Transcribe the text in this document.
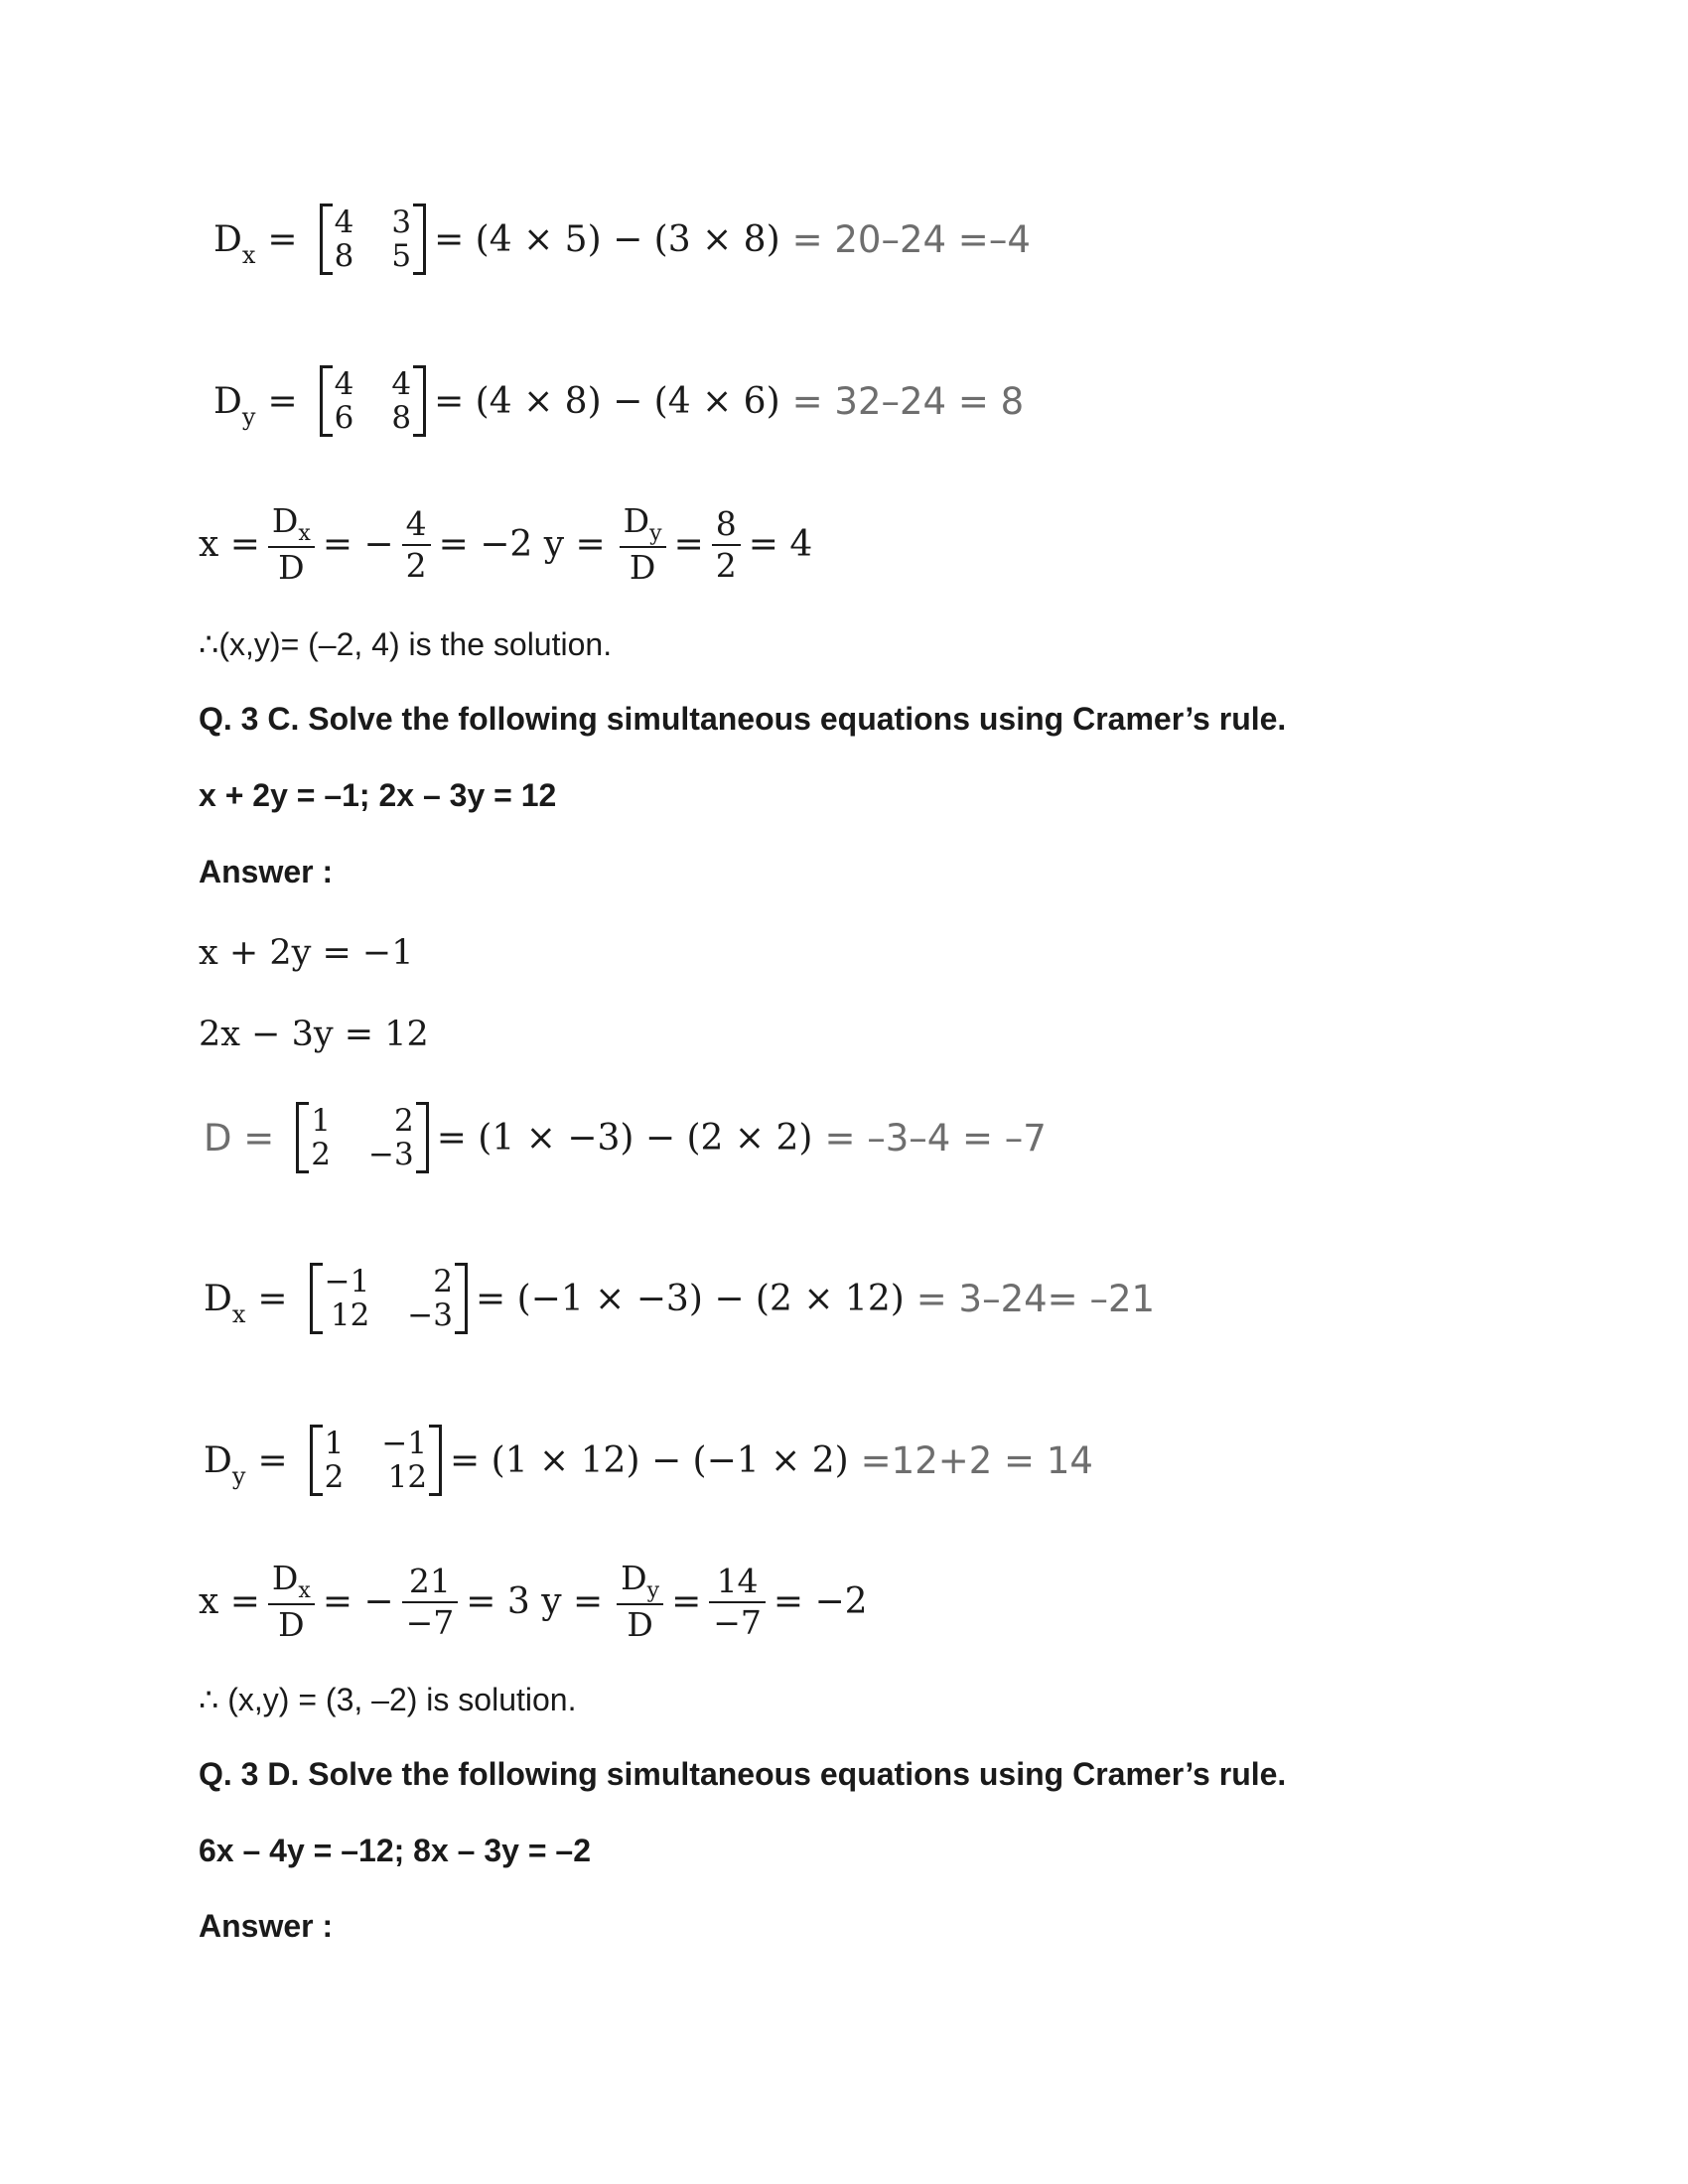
D x = 4 3
8 5 = (4 × 5) − (3 × 8) = 20–24 =–4
D y = 4 4
6 8 = (4 × 8) − (4 × 6) = 32–24 = 8
$x = \frac{\text{D x}}{D}$ = − $\frac{4}{2} = -2$ $y = \frac{\text{D y}}{D} = \frac{8}{2} = 4$
∴(x,y)= (–2, 4) is the solution.
Q. 3 C. Solve the following simultaneous equations using Cramer’s rule.
x + 2y = –1; 2x – 3y = 12
Answer :
x + 2y = −1
2x − 3y = 12
D = 1	2
2 −3 = (1 × −3) − (2 × 2) = –3–4 = –7
D x = −1	2
12 −3 = (−1 × −3) − (2 × 12) = 3–24= –21
D y = 1 −1
2 12 = (1 × 12) − (−1 × 2) =12+2 = 14
$x = \frac{\text{D x}}{D}$ = − $\frac{21}{-7} = 3$ $y = \frac{\text{D y}}{D} = \frac{14}{-7} = -2$
∴ (x,y) = (3, –2) is solution.
Q. 3 D. Solve the following simultaneous equations using Cramer’s rule.
6x – 4y = –12; 8x – 3y = –2
Answer :
